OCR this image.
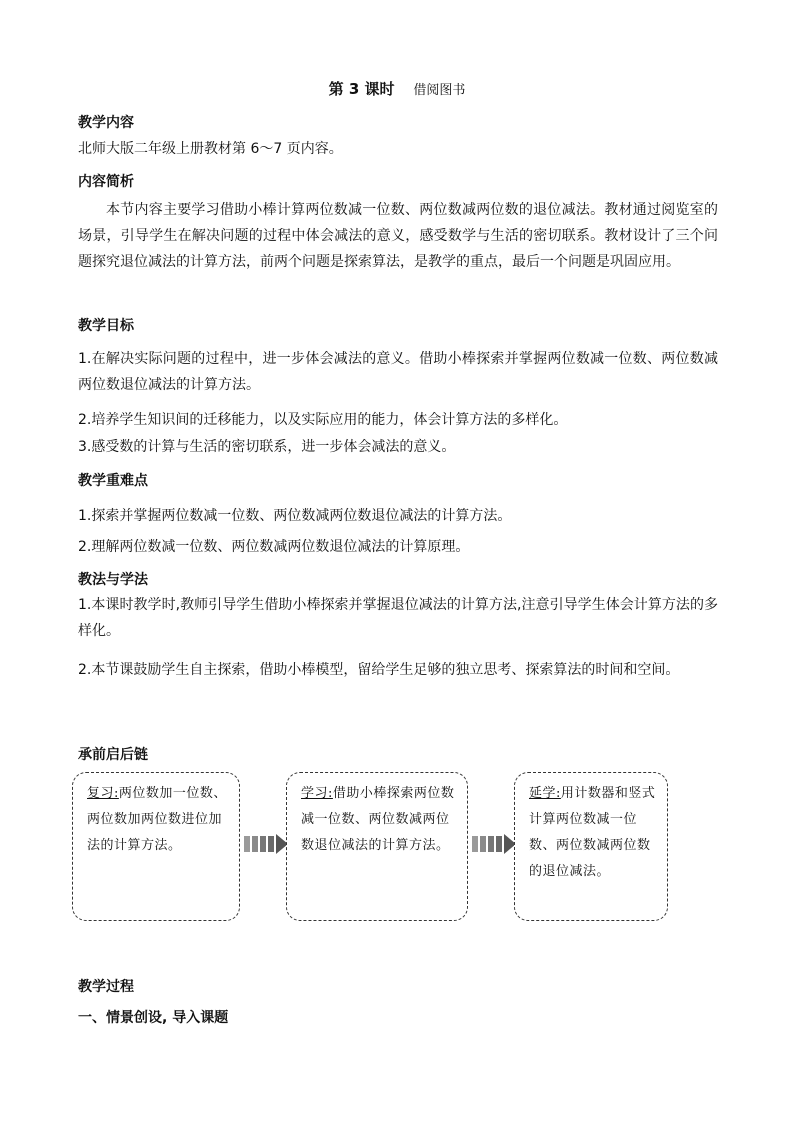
第 3 课时 借阅图书
教学内容
北师大版二年级上册教材第 6～7 页内容。
内容简析
本节内容主要学习借助小棒计算两位数减一位数、两位数减两位数的退位减法。教材通过阅览室的场景，引导学生在解决问题的过程中体会减法的意义，感受数学与生活的密切联系。教材设计了三个问题探究退位减法的计算方法，前两个问题是探索算法，是教学的重点，最后一个问题是巩固应用。
教学目标
1.在解决实际问题的过程中，进一步体会减法的意义。借助小棒探索并掌握两位数减一位数、两位数减两位数退位减法的计算方法。
2.培养学生知识间的迁移能力，以及实际应用的能力，体会计算方法的多样化。
3.感受数的计算与生活的密切联系，进一步体会减法的意义。
教学重难点
1.探索并掌握两位数减一位数、两位数减两位数退位减法的计算方法。
2.理解两位数减一位数、两位数减两位数退位减法的计算原理。
教法与学法
1.本课时教学时,教师引导学生借助小棒探索并掌握退位减法的计算方法,注意引导学生体会计算方法的多样化。
2.本节课鼓励学生自主探索，借助小棒模型，留给学生足够的独立思考、探索算法的时间和空间。
承前启后链
复习:两位数加一位数、两位数加两位数进位加法的计算方法。
学习:借助小棒探索两位数减一位数、两位数减两位数退位减法的计算方法。
延学:用计数器和竖式计算两位数减一位数、两位数减两位数的退位减法。
教学过程
一、情景创设, 导入课题
